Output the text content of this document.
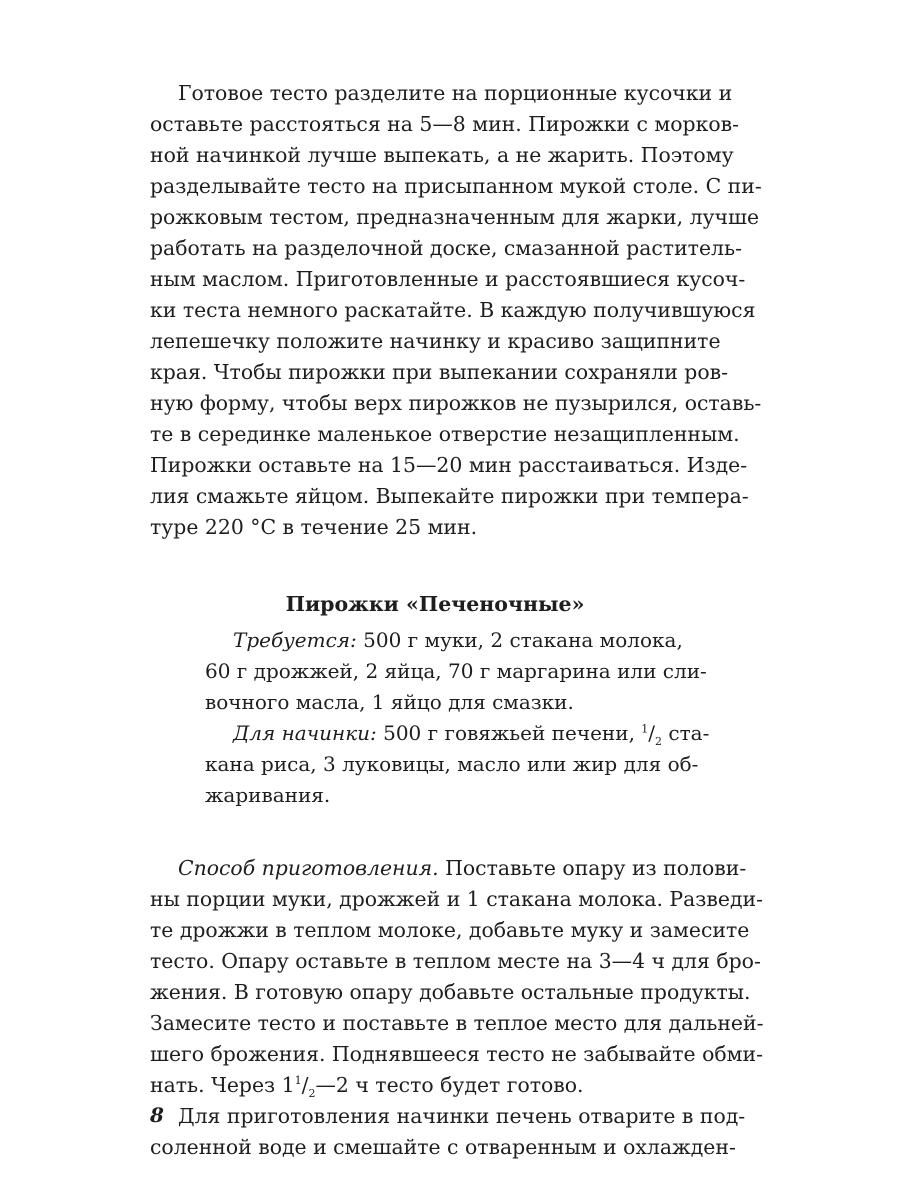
Готовое тесто разделите на порционные кусочки и
оставьте расстояться на 5—8 мин. Пирожки с морков-
ной начинкой лучше выпекать, а не жарить. Поэтому
разделывайте тесто на присыпанном мукой столе. С пи-
рожковым тестом, предназначенным для жарки, лучше
работать на разделочной доске, смазанной раститель-
ным маслом. Приготовленные и расстоявшиеся кусоч-
ки теста немного раскатайте. В каждую получившуюся
лепешечку положите начинку и красиво защипните
края. Чтобы пирожки при выпекании сохраняли ров-
ную форму, чтобы верх пирожков не пузырился, оставь-
те в серединке маленькое отверстие незащипленным.
Пирожки оставьте на 15—20 мин расстаиваться. Изде-
лия смажьте яйцом. Выпекайте пирожки при темпера-
туре 220 °С в течение 25 мин.
Пирожки «Печеночные»
Требуется: 500 г муки, 2 стакана молока,
60 г дрожжей, 2 яйца, 70 г маргарина или сли-
вочного масла, 1 яйцо для смазки.
Для начинки: 500 г говяжьей печени, $^1/_2$ ста-
кана риса, 3 луковицы, масло или жир для об-
жаривания.
Способ приготовления. Поставьте опару из полови-
ны порции муки, дрожжей и 1 стакана молока. Разведи-
те дрожжи в теплом молоке, добавьте муку и замесите
тесто. Опару оставьте в теплом месте на 3—4 ч для бро-
жения. В готовую опару добавьте остальные продукты.
Замесите тесто и поставьте в теплое место для дальней-
шего брожения. Поднявшееся тесто не забывайте обми-
нать. Через $1^1/_2—2$ ч тесто будет готово.
Для приготовления начинки печень отварите в под-
соленной воде и смешайте с отваренным и охлажден-
8
